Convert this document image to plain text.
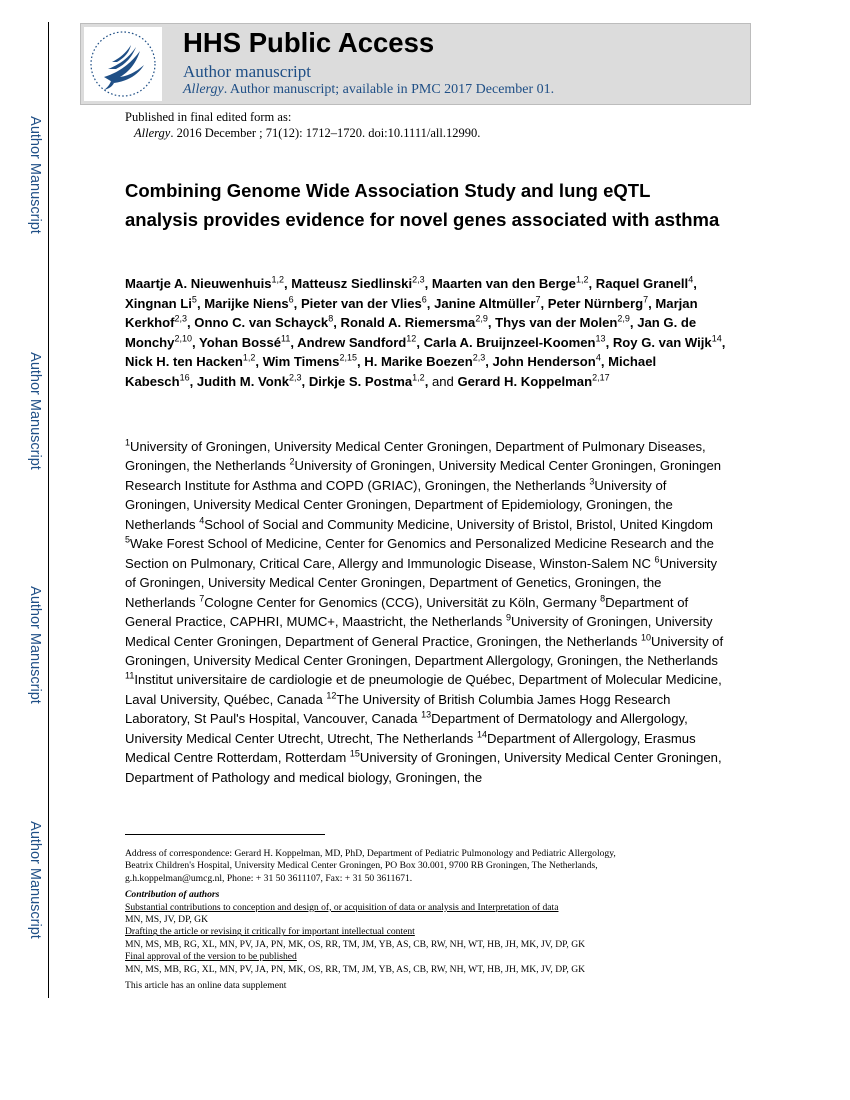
Author Manuscript
Author Manuscript
Author Manuscript
Author Manuscript
HHS Public Access
Author manuscript
Allergy. Author manuscript; available in PMC 2017 December 01.
Published in final edited form as:
Allergy. 2016 December ; 71(12): 1712–1720. doi:10.1111/all.12990.
Combining Genome Wide Association Study and lung eQTL analysis provides evidence for novel genes associated with asthma
Maartje A. Nieuwenhuis$^{1,2}$, Matteusz Siedlinski$^{2,3}$, Maarten van den Berge$^{1,2}$, Raquel Granell$^4$, Xingnan Li$^5$, Marijke Niens$^6$, Pieter van der Vlies$^6$, Janine Altmüller$^7$, Peter Nürnberg$^7$, Marjan Kerkhof$^{2,3}$, Onno C. van Schayck$^8$, Ronald A. Riemersma$^{2,9}$, Thys van der Molen$^{2,9}$, Jan G. de Monchy$^{2,10}$, Yohan Bossé$^{11}$, Andrew Sandford$^{12}$, Carla A. Bruijnzeel-Koomen$^{13}$, Roy G. van Wijk$^{14}$, Nick H. ten Hacken$^{1,2}$, Wim Timens$^{2,15}$, H. Marike Boezen$^{2,3}$, John Henderson$^4$, Michael Kabesch$^{16}$, Judith M. Vonk$^{2,3}$, Dirkje S. Postma$^{1,2}$, and Gerard H. Koppelman$^{2,17}$
$^1$University of Groningen, University Medical Center Groningen, Department of Pulmonary Diseases, Groningen, the Netherlands $^2$University of Groningen, University Medical Center Groningen, Groningen Research Institute for Asthma and COPD (GRIAC), Groningen, the Netherlands $^3$University of Groningen, University Medical Center Groningen, Department of Epidemiology, Groningen, the Netherlands $^4$School of Social and Community Medicine, University of Bristol, Bristol, United Kingdom $^5$Wake Forest School of Medicine, Center for Genomics and Personalized Medicine Research and the Section on Pulmonary, Critical Care, Allergy and Immunologic Disease, Winston-Salem NC $^6$University of Groningen, University Medical Center Groningen, Department of Genetics, Groningen, the Netherlands $^7$Cologne Center for Genomics (CCG), Universität zu Köln, Germany $^8$Department of General Practice, CAPHRI, MUMC+, Maastricht, the Netherlands $^9$University of Groningen, University Medical Center Groningen, Department of General Practice, Groningen, the Netherlands $^{10}$University of Groningen, University Medical Center Groningen, Department Allergology, Groningen, the Netherlands $^{11}$Institut universitaire de cardiologie et de pneumologie de Québec, Department of Molecular Medicine, Laval University, Québec, Canada $^{12}$The University of British Columbia James Hogg Research Laboratory, St Paul's Hospital, Vancouver, Canada $^{13}$Department of Dermatology and Allergology, University Medical Center Utrecht, Utrecht, The Netherlands $^{14}$Department of Allergology, Erasmus Medical Centre Rotterdam, Rotterdam $^{15}$University of Groningen, University Medical Center Groningen, Department of Pathology and medical biology, Groningen, the

Address of correspondence: Gerard H. Koppelman, MD, PhD, Department of Pediatric Pulmonology and Pediatric Allergology,

Beatrix Children's Hospital, University Medical Center Groningen, PO Box 30.001, 9700 RB Groningen, The Netherlands,

g.h.koppelman@umcg.nl, Phone: + 31 50 3611107, Fax: + 31 50 3611671.

Contribution of authors

Substantial contributions to conception and design of, or acquisition of data or analysis and Interpretation of data

MN, MS, JV, DP, GK

Drafting the article or revising it critically for important intellectual content

MN, MS, MB, RG, XL, MN, PV, JA, PN, MK, OS, RR, TM, JM, YB, AS, CB, RW, NH, WT, HB, JH, MK, JV, DP, GK

Final approval of the version to be published

MN, MS, MB, RG, XL, MN, PV, JA, PN, MK, OS, RR, TM, JM, YB, AS, CB, RW, NH, WT, HB, JH, MK, JV, DP, GK

This article has an online data supplement
